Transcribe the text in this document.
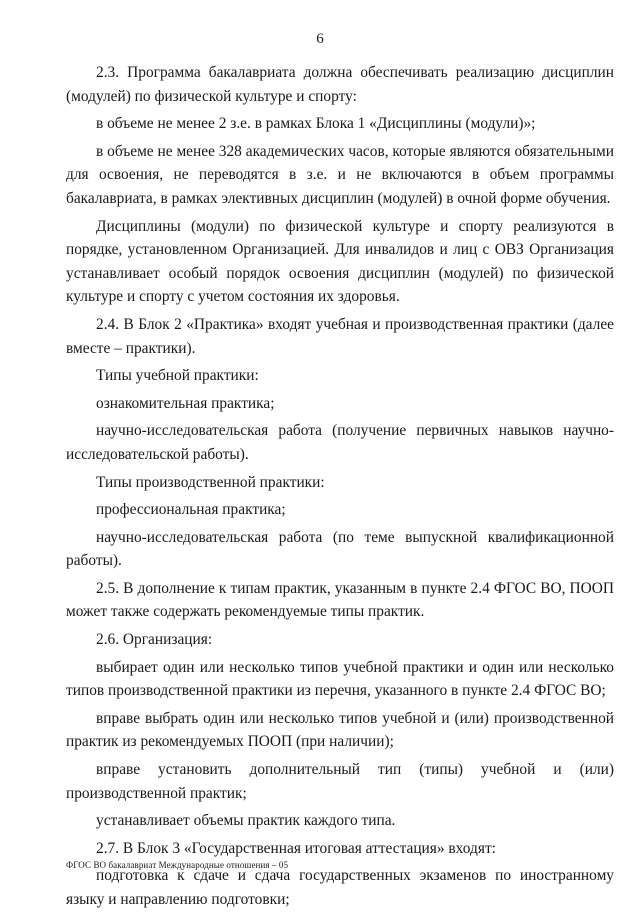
6

2.3. Программа бакалавриата должна обеспечивать реализацию дисциплин (модулей) по физической культуре и спорту:

в объеме не менее 2 з.е. в рамках Блока 1 «Дисциплины (модули)»;

в объеме не менее 328 академических часов, которые являются обязательными для освоения, не переводятся в з.е. и не включаются в объем программы бакалавриата, в рамках элективных дисциплин (модулей) в очной форме обучения.

Дисциплины (модули) по физической культуре и спорту реализуются в порядке, установленном Организацией. Для инвалидов и лиц с ОВЗ Организация устанавливает особый порядок освоения дисциплин (модулей) по физической культуре и спорту с учетом состояния их здоровья.

2.4. В Блок 2 «Практика» входят учебная и производственная практики (далее вместе – практики).

Типы учебной практики:

ознакомительная практика;

научно-исследовательская работа (получение первичных навыков научно-исследовательской работы).

Типы производственной практики:

профессиональная практика;

научно-исследовательская работа (по теме выпускной квалификационной работы).

2.5. В дополнение к типам практик, указанным в пункте 2.4 ФГОС ВО, ПООП может также содержать рекомендуемые типы практик.

2.6. Организация:

выбирает один или несколько типов учебной практики и один или несколько типов производственной практики из перечня, указанного в пункте 2.4 ФГОС ВО;

вправе выбрать один или несколько типов учебной и (или) производственной практик из рекомендуемых ПООП (при наличии);

вправе установить дополнительный тип (типы) учебной и (или) производственной практик;

устанавливает объемы практик каждого типа.

2.7. В Блок 3 «Государственная итоговая аттестация» входят:

подготовка к сдаче и сдача государственных экзаменов по иностранному языку и направлению подготовки;

ФГОС ВО бакалавриат Международные отношения – 05
